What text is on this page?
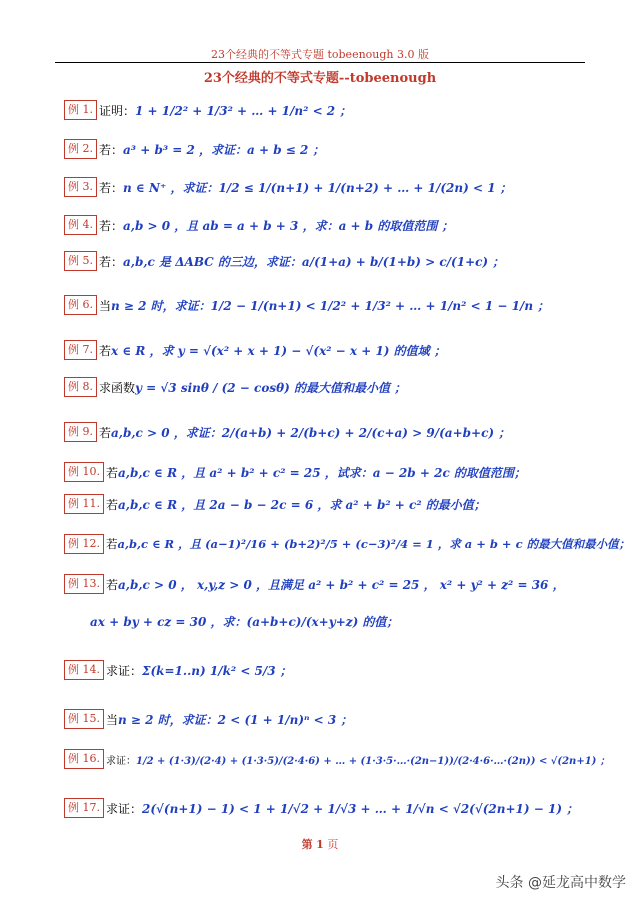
23个经典的不等式专题 tobeenough 3.0 版
23个经典的不等式专题--tobeenough
例 1. 证明： 1 + 1/2² + 1/3² + … + 1/n² < 2 ；
例 2. 若： a³ + b³ = 2 ，求证：a + b ≤ 2 ；
例 3. 若： n ∈ N⁺ ，求证：1/2 ≤ 1/(n+1) + 1/(n+2) + … + 1/(2n) < 1 ；
例 4. 若： a,b > 0 ，且 ab = a + b + 3 ，求：a + b 的取值范围 ；
例 5. 若： a,b,c 是 ΔABC 的三边，求证：a/(1+a) + b/(1+b) > c/(1+c) ；
例 6. 当 n ≥ 2 时，求证：1/2 − 1/(n+1) < 1/2² + 1/3² + … + 1/n² < 1 − 1/n ；
例 7. 若 x ∈ R ，求 y = √(x² + x + 1) − √(x² − x + 1) 的值域 ；
例 8. 求函数 y = √3 sinθ / (2 − cosθ) 的最大值和最小值 ；
例 9. 若 a,b,c > 0 ，求证：2/(a+b) + 2/(b+c) + 2/(c+a) > 9/(a+b+c) ；
例 10. 若 a,b,c ∈ R ，且 a² + b² + c² = 25 ，试求：a − 2b + 2c 的取值范围；
例 11. 若 a,b,c ∈ R ，且 2a − b − 2c = 6 ，求 a² + b² + c² 的最小值；
例 12. 若 a,b,c ∈ R ，且 (a−1)²/16 + (b+2)²/5 + (c−3)²/4 = 1 ，求 a + b + c 的最大值和最小值；
例 13. 若 a,b,c > 0 ， x,y,z > 0 ，且满足 a² + b² + c² = 25 ， x² + y² + z² = 36 ，
例 14. 求证： Σ(k=1..n) 1/k² < 5/3 ；
例 15. 当 n ≥ 2 时，求证：2 < (1 + 1/n)ⁿ < 3 ；
例 16. 求证： 1/2 + (1·3)/(2·4) + (1·3·5)/(2·4·6) + … + (1·3·5·…·(2n−1))/(2·4·6·…·(2n)) < √(2n+1) ；
例 17. 求证： 2(√(n+1) − 1) < 1 + 1/√2 + 1/√3 + … + 1/√n < √2(√(2n+1) − 1) ；
ax + by + cz = 30 ，求：(a+b+c)/(x+y+z) 的值；
第 1 页
头条 @延龙高中数学
